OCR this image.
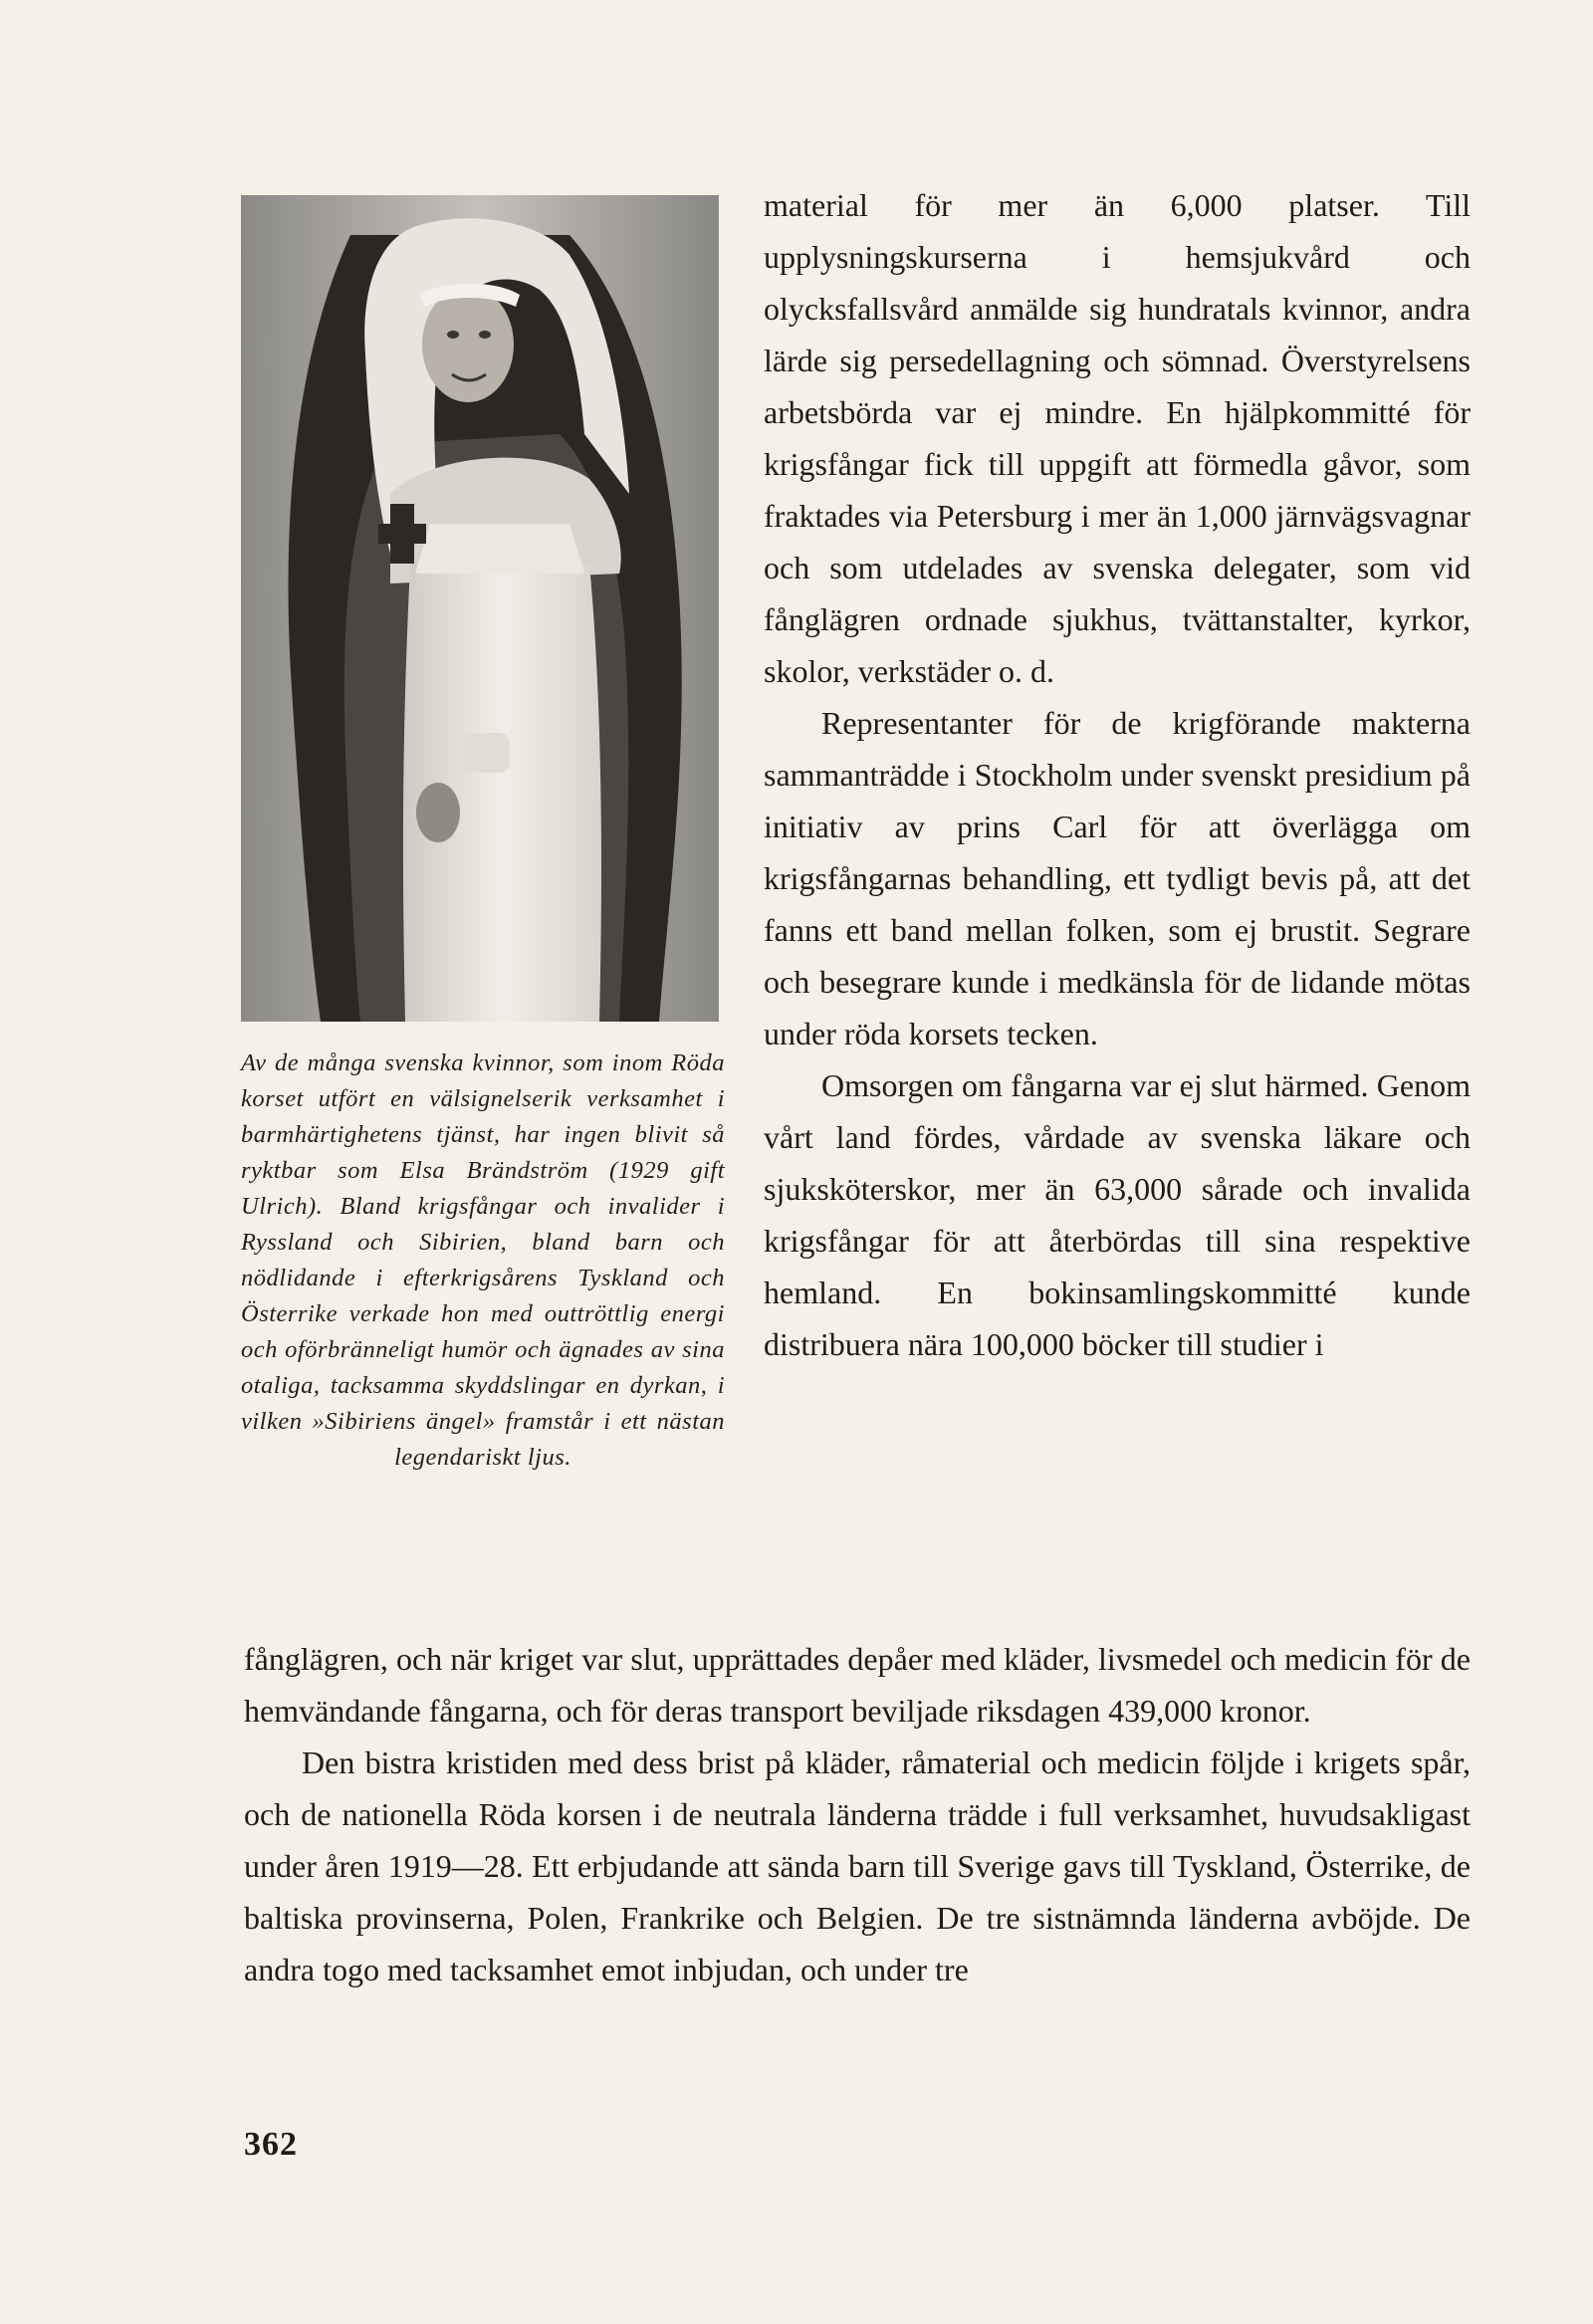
Av de många svenska kvinnor, som inom Röda korset utfört en välsignelserik verksamhet i barmhärtighetens tjänst, har ingen blivit så ryktbar som Elsa Brändström (1929 gift Ulrich). Bland krigsfångar och invalider i Ryssland och Sibirien, bland barn och nödlidande i efterkrigsårens Tyskland och Österrike verkade hon med outtröttlig energi och oförbränneligt humör och ägnades av sina otaliga, tacksamma skyddslingar en dyrkan, i vilken »Sibiriens ängel» framstår i ett nästan legendariskt ljus.

material för mer än 6,000 platser. Till upplysningskurserna i hemsjukvård och olycksfallsvård anmälde sig hundratals kvinnor, andra lärde sig persedellagning och sömnad. Överstyrelsens arbetsbörda var ej mindre. En hjälpkommitté för krigsfångar fick till uppgift att förmedla gåvor, som fraktades via Petersburg i mer än 1,000 järnvägsvagnar och som utdelades av svenska delegater, som vid fånglägren ordnade sjukhus, tvättanstalter, kyrkor, skolor, verkstäder o. d.

Representanter för de krigförande makterna sammanträdde i Stockholm under svenskt presidium på initiativ av prins Carl för att överlägga om krigsfångarnas behandling, ett tydligt bevis på, att det fanns ett band mellan folken, som ej brustit. Segrare och besegrare kunde i medkänsla för de lidande mötas under röda korsets tecken.

Omsorgen om fångarna var ej slut härmed. Genom vårt land fördes, vårdade av svenska läkare och sjuksköterskor, mer än 63,000 sårade och invalida krigsfångar för att återbördas till sina respektive hemland. En bokinsamlingskommitté kunde distribuera nära 100,000 böcker till studier i

fånglägren, och när kriget var slut, upprättades depåer med kläder, livsmedel och medicin för de hemvändande fångarna, och för deras transport beviljade riksdagen 439,000 kronor.

Den bistra kristiden med dess brist på kläder, råmaterial och medicin följde i krigets spår, och de nationella Röda korsen i de neutrala länderna trädde i full verksamhet, huvudsakligast under åren 1919—28. Ett erbjudande att sända barn till Sverige gavs till Tyskland, Österrike, de baltiska provinserna, Polen, Frankrike och Belgien. De tre sistnämnda länderna avböjde. De andra togo med tacksamhet emot inbjudan, och under tre

362
